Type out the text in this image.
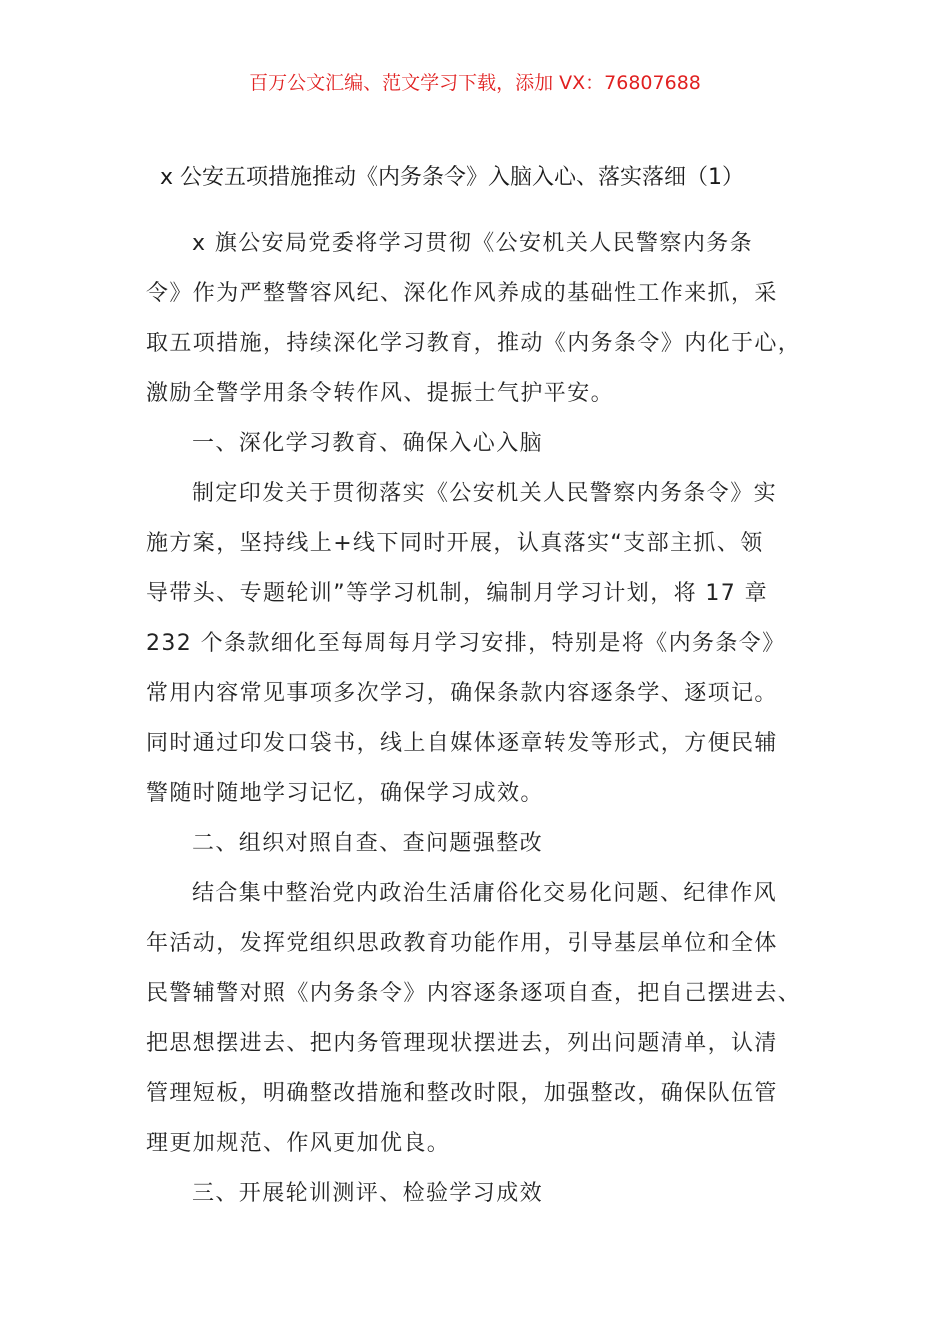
百万公文汇编、范文学习下载，添加 VX：76807688
x 公安五项措施推动《内务条令》入脑入心、落实落细（1）
x 旗公安局党委将学习贯彻《公安机关人民警察内务条
令》作为严整警容风纪、深化作风养成的基础性工作来抓，采
取五项措施，持续深化学习教育，推动《内务条令》内化于心，
激励全警学用条令转作风、提振士气护平安。
一、深化学习教育、确保入心入脑
制定印发关于贯彻落实《公安机关人民警察内务条令》实
施方案，坚持线上+线下同时开展，认真落实“支部主抓、领
导带头、专题轮训”等学习机制，编制月学习计划，将 17 章
232 个条款细化至每周每月学习安排，特别是将《内务条令》
常用内容常见事项多次学习，确保条款内容逐条学、逐项记。
同时通过印发口袋书，线上自媒体逐章转发等形式，方便民辅
警随时随地学习记忆，确保学习成效。
二、组织对照自查、查问题强整改
结合集中整治党内政治生活庸俗化交易化问题、纪律作风
年活动，发挥党组织思政教育功能作用，引导基层单位和全体
民警辅警对照《内务条令》内容逐条逐项自查，把自己摆进去、
把思想摆进去、把内务管理现状摆进去，列出问题清单，认清
管理短板，明确整改措施和整改时限，加强整改，确保队伍管
理更加规范、作风更加优良。
三、开展轮训测评、检验学习成效
